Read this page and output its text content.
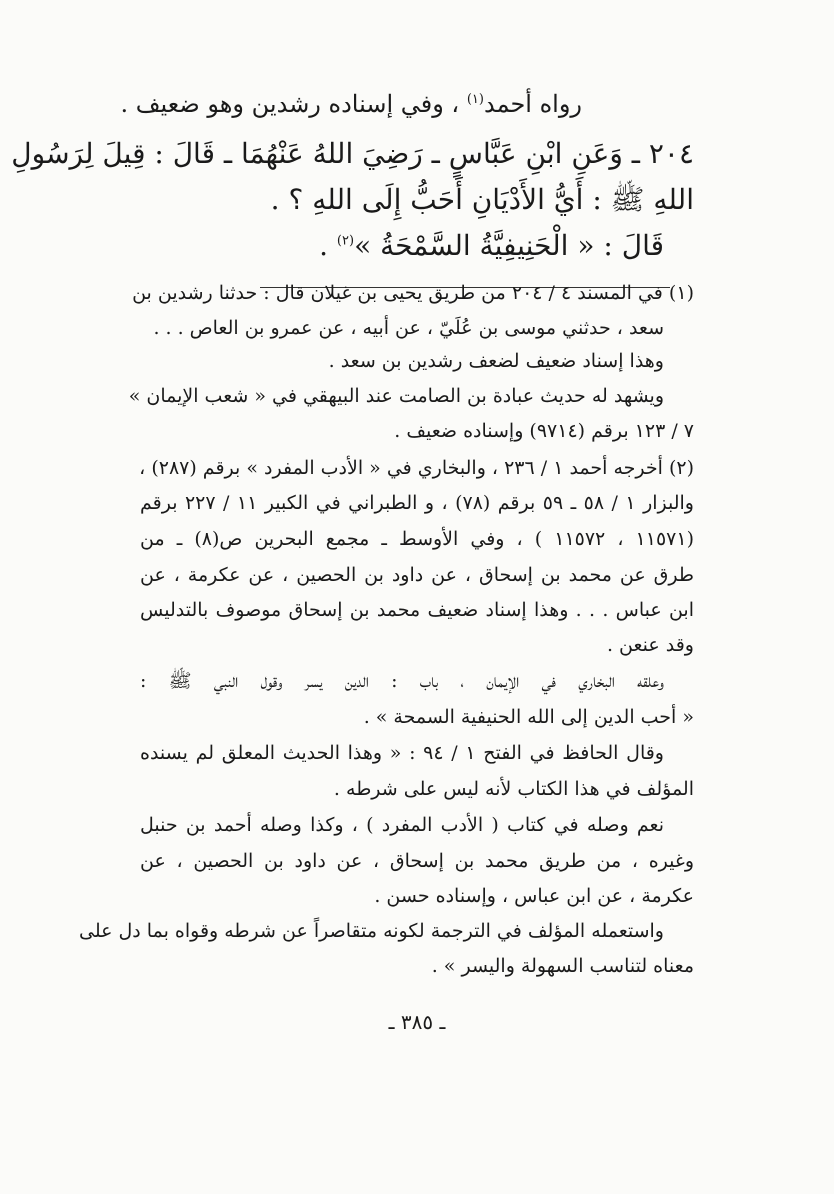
رواه أحمد$^{(١)}$ ، وفي إسناده رشدين وهو ضعيف .
٢٠٤ ـ وَعَنِ ابْنِ عَبَّاسٍ ـ رَضِيَ اللهُ عَنْهُمَا ـ قَالَ : قِيلَ لِرَسُولِ
اللهِ ﷺ : أَيُّ الأَدْيَانِ أَحَبُّ إِلَى اللهِ ؟ .
قَالَ : « الْحَنِيفِيَّةُ السَّمْحَةُ »$^{(٢)}$ .
(١) في المسند ٤ / ٢٠٤ من طريق يحيى بن غيلان قال : حدثنا رشدين بن
سعد ، حدثني موسى بن عُلَيّ ، عن أبيه ، عن عمرو بن العاص . . .
وهذا إسناد ضعيف لضعف رشدين بن سعد .
ويشهد له حديث عبادة بن الصامت عند البيهقي في « شعب الإيمان »
٧ / ١٢٣ برقم (٩٧١٤) وإسناده ضعيف .
(٢) أخرجه أحمد ١ / ٢٣٦ ، والبخاري في « الأدب المفرد » برقم (٢٨٧) ،
والبزار ١ / ٥٨ ـ ٥٩ برقم (٧٨) ، و الطبراني في الكبير ١١ / ٢٢٧ برقم
(١١٥٧١ ، ١١٥٧٢ ) ، وفي الأوسط ـ مجمع البحرين ص(٨) ـ من
طرق عن محمد بن إسحاق ، عن داود بن الحصين ، عن عكرمة ، عن
ابن عباس . . . وهذا إسناد ضعيف محمد بن إسحاق موصوف بالتدليس
وقد عنعن .
وعلقه البخاري في الإيمان ، باب : الدين يسر وقول النبي ﷺ :
« أحب الدين إلى الله الحنيفية السمحة » .
وقال الحافظ في الفتح ١ / ٩٤ : « وهذا الحديث المعلق لم يسنده
المؤلف في هذا الكتاب لأنه ليس على شرطه .
نعم وصله في كتاب ( الأدب المفرد ) ، وكذا وصله أحمد بن حنبل
وغيره ، من طريق محمد بن إسحاق ، عن داود بن الحصين ، عن
عكرمة ، عن ابن عباس ، وإسناده حسن .
واستعمله المؤلف في الترجمة لكونه متقاصراً عن شرطه وقواه بما دل على
معناه لتناسب السهولة واليسر » .
ـ ٣٨٥ ـ
